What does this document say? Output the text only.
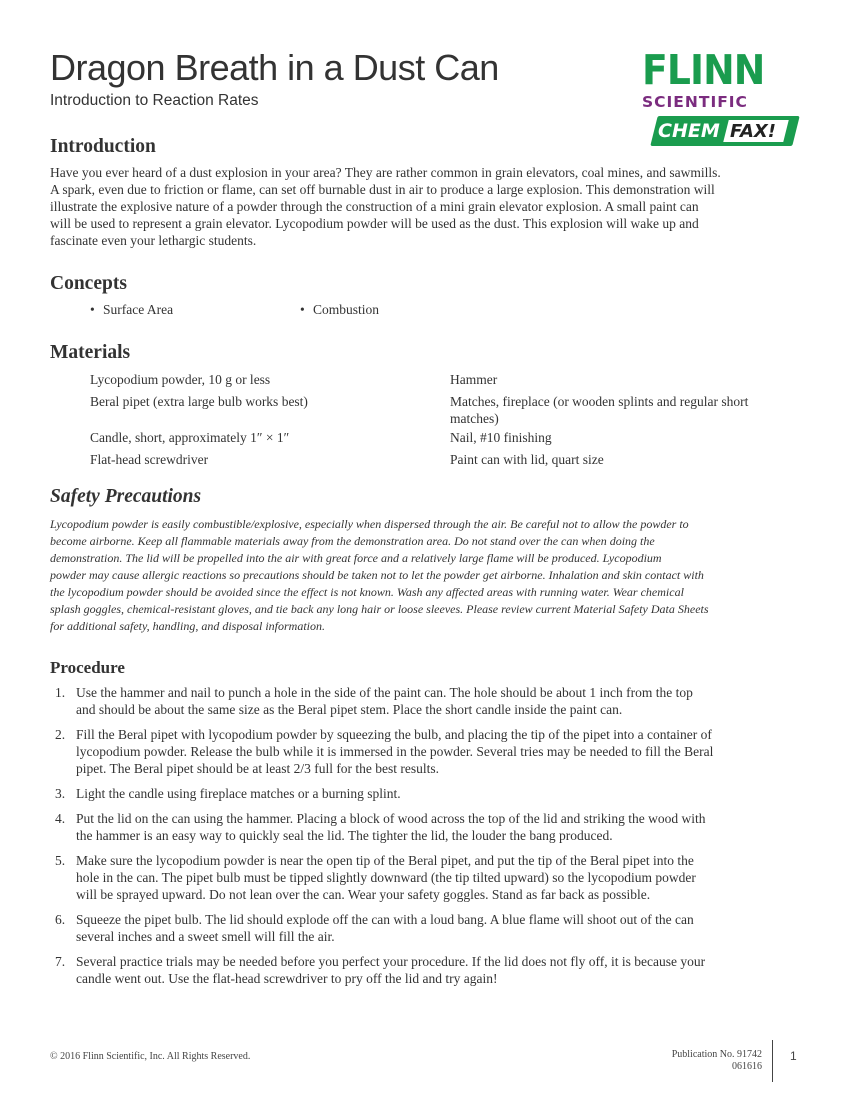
Dragon Breath in a Dust Can

Introduction to Reaction Rates

FLINN
SCIENTIFIC
CHEM FAX!
Introduction
Have you ever heard of a dust explosion in your area? They are rather common in grain elevators, coal mines, and sawmills.
A spark, even due to friction or flame, can set off burnable dust in air to produce a large explosion. This demonstration will
illustrate the explosive nature of a powder through the construction of a mini grain elevator explosion. A small paint can
will be used to represent a grain elevator. Lycopodium powder will be used as the dust. This explosion will wake up and
fascinate even your lethargic students.
Concepts
• Surface Area	• Combustion
Materials
Lycopodium powder, 10 g or less
Beral pipet (extra large bulb works best)
Candle, short, approximately 1″ × 1″
Flat-head screwdriver
Hammer
Matches, fireplace (or wooden splints and regular short
matches)
Nail, #10 finishing
Paint can with lid, quart size
Safety Precautions
Lycopodium powder is easily combustible/explosive, especially when dispersed through the air. Be careful not to allow the powder to
become airborne. Keep all flammable materials away from the demonstration area. Do not stand over the can when doing the
demonstration. The lid will be propelled into the air with great force and a relatively large flame will be produced. Lycopodium
powder may cause allergic reactions so precautions should be taken not to let the powder get airborne. Inhalation and skin contact with
the lycopodium powder should be avoided since the effect is not known. Wash any affected areas with running water. Wear chemical
splash goggles, chemical-resistant gloves, and tie back any long hair or loose sleeves. Please review current Material Safety Data Sheets
for additional safety, handling, and disposal information.
Procedure
1. Use the hammer and nail to punch a hole in the side of the paint can. The hole should be about 1 inch from the top
and should be about the same size as the Beral pipet stem. Place the short candle inside the paint can.
2. Fill the Beral pipet with lycopodium powder by squeezing the bulb, and placing the tip of the pipet into a container of
lycopodium powder. Release the bulb while it is immersed in the powder. Several tries may be needed to fill the Beral
pipet. The Beral pipet should be at least 2/3 full for the best results.
3. Light the candle using fireplace matches or a burning splint.
4. Put the lid on the can using the hammer. Placing a block of wood across the top of the lid and striking the wood with
the hammer is an easy way to quickly seal the lid. The tighter the lid, the louder the bang produced.
5. Make sure the lycopodium powder is near the open tip of the Beral pipet, and put the tip of the Beral pipet into the
hole in the can. The pipet bulb must be tipped slightly downward (the tip tilted upward) so the lycopodium powder
will be sprayed upward. Do not lean over the can. Wear your safety goggles. Stand as far back as possible.
6. Squeeze the pipet bulb. The lid should explode off the can with a loud bang. A blue flame will shoot out of the can
several inches and a sweet smell will fill the air.
7. Several practice trials may be needed before you perfect your procedure. If the lid does not fly off, it is because your
candle went out. Use the flat-head screwdriver to pry off the lid and try again!
© 2016 Flinn Scientific, Inc. All Rights Reserved.	Publication No. 91742
061616
1
